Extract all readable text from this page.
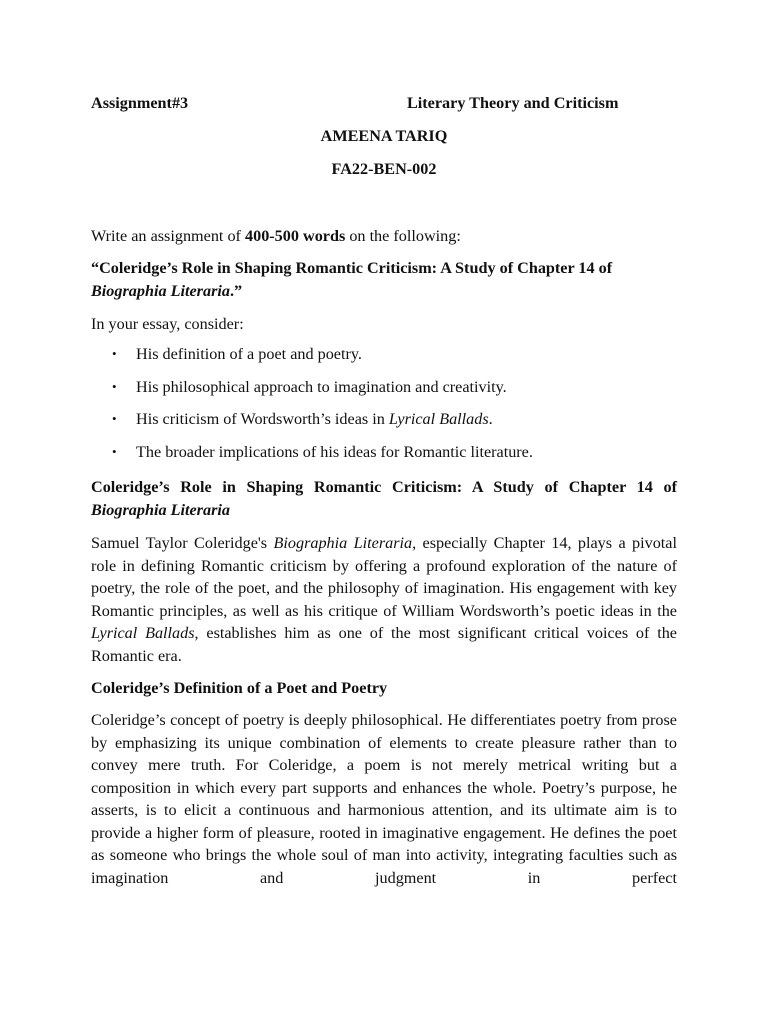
Assignment#3	Literary Theory and Criticism
AMEENA TARIQ
FA22-BEN-002
Write an assignment of 400-500 words on the following:
“Coleridge’s Role in Shaping Romantic Criticism: A Study of Chapter 14 of Biographia Literaria.”
In your essay, consider:
• His definition of a poet and poetry.
• His philosophical approach to imagination and creativity.
• His criticism of Wordsworth’s ideas in Lyrical Ballads.
• The broader implications of his ideas for Romantic literature.
Coleridge’s Role in Shaping Romantic Criticism: A Study of Chapter 14 of Biographia Literaria
Samuel Taylor Coleridge's Biographia Literaria, especially Chapter 14, plays a pivotal role in defining Romantic criticism by offering a profound exploration of the nature of poetry, the role of the poet, and the philosophy of imagination. His engagement with key Romantic principles, as well as his critique of William Wordsworth’s poetic ideas in the Lyrical Ballads, establishes him as one of the most significant critical voices of the Romantic era.
Coleridge’s Definition of a Poet and Poetry
Coleridge’s concept of poetry is deeply philosophical. He differentiates poetry from prose by emphasizing its unique combination of elements to create pleasure rather than to convey mere truth. For Coleridge, a poem is not merely metrical writing but a composition in which every part supports and enhances the whole. Poetry’s purpose, he asserts, is to elicit a continuous and harmonious attention, and its ultimate aim is to provide a higher form of pleasure, rooted in imaginative engagement. He defines the poet as someone who brings the whole soul of man into activity, integrating faculties such as imagination and judgment in perfect
